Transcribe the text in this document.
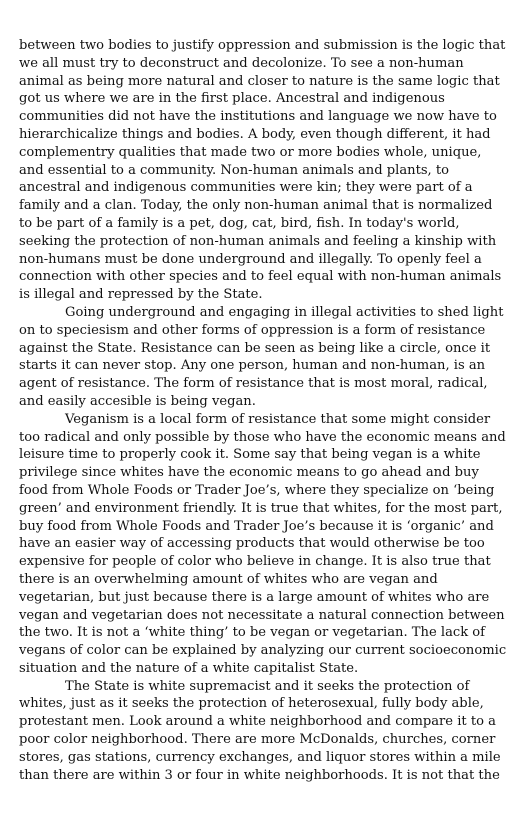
between two bodies to justify oppression and submission is the logic that
we all must try to deconstruct and decolonize. To see a non-human
animal as being more natural and closer to nature is the same logic that
got us where we are in the first place. Ancestral and indigenous
communities did not have the institutions and language we now have to
hierarchicalize things and bodies. A body, even though different, it had
complementry qualities that made two or more bodies whole, unique,
and essential to a community. Non-human animals and plants, to
ancestral and indigenous communities were kin; they were part of a
family and a clan. Today, the only non-human animal that is normalized
to be part of a family is a pet, dog, cat, bird, fish. In today's world,
seeking the protection of non-human animals and feeling a kinship with
non-humans must be done underground and illegally. To openly feel a
connection with other species and to feel equal with non-human animals
is illegal and repressed by the State.
Going underground and engaging in illegal activities to shed light
on to speciesism and other forms of oppression is a form of resistance
against the State. Resistance can be seen as being like a circle, once it
starts it can never stop. Any one person, human and non-human, is an
agent of resistance. The form of resistance that is most moral, radical,
and easily accesible is being vegan.
Veganism is a local form of resistance that some might consider
too radical and only possible by those who have the economic means and
leisure time to properly cook it. Some say that being vegan is a white
privilege since whites have the economic means to go ahead and buy
food from Whole Foods or Trader Joe’s, where they specialize on ‘being
green’ and environment friendly. It is true that whites, for the most part,
buy food from Whole Foods and Trader Joe’s because it is ‘organic’ and
have an easier way of accessing products that would otherwise be too
expensive for people of color who believe in change. It is also true that
there is an overwhelming amount of whites who are vegan and
vegetarian, but just because there is a large amount of whites who are
vegan and vegetarian does not necessitate a natural connection between
the two. It is not a ‘white thing’ to be vegan or vegetarian. The lack of
vegans of color can be explained by analyzing our current socioeconomic
situation and the nature of a white capitalist State.
The State is white supremacist and it seeks the protection of
whites, just as it seeks the protection of heterosexual, fully body able,
protestant men. Look around a white neighborhood and compare it to a
poor color neighborhood. There are more McDonalds, churches, corner
stores, gas stations, currency exchanges, and liquor stores within a mile
than there are within 3 or four in white neighborhoods. It is not that the
